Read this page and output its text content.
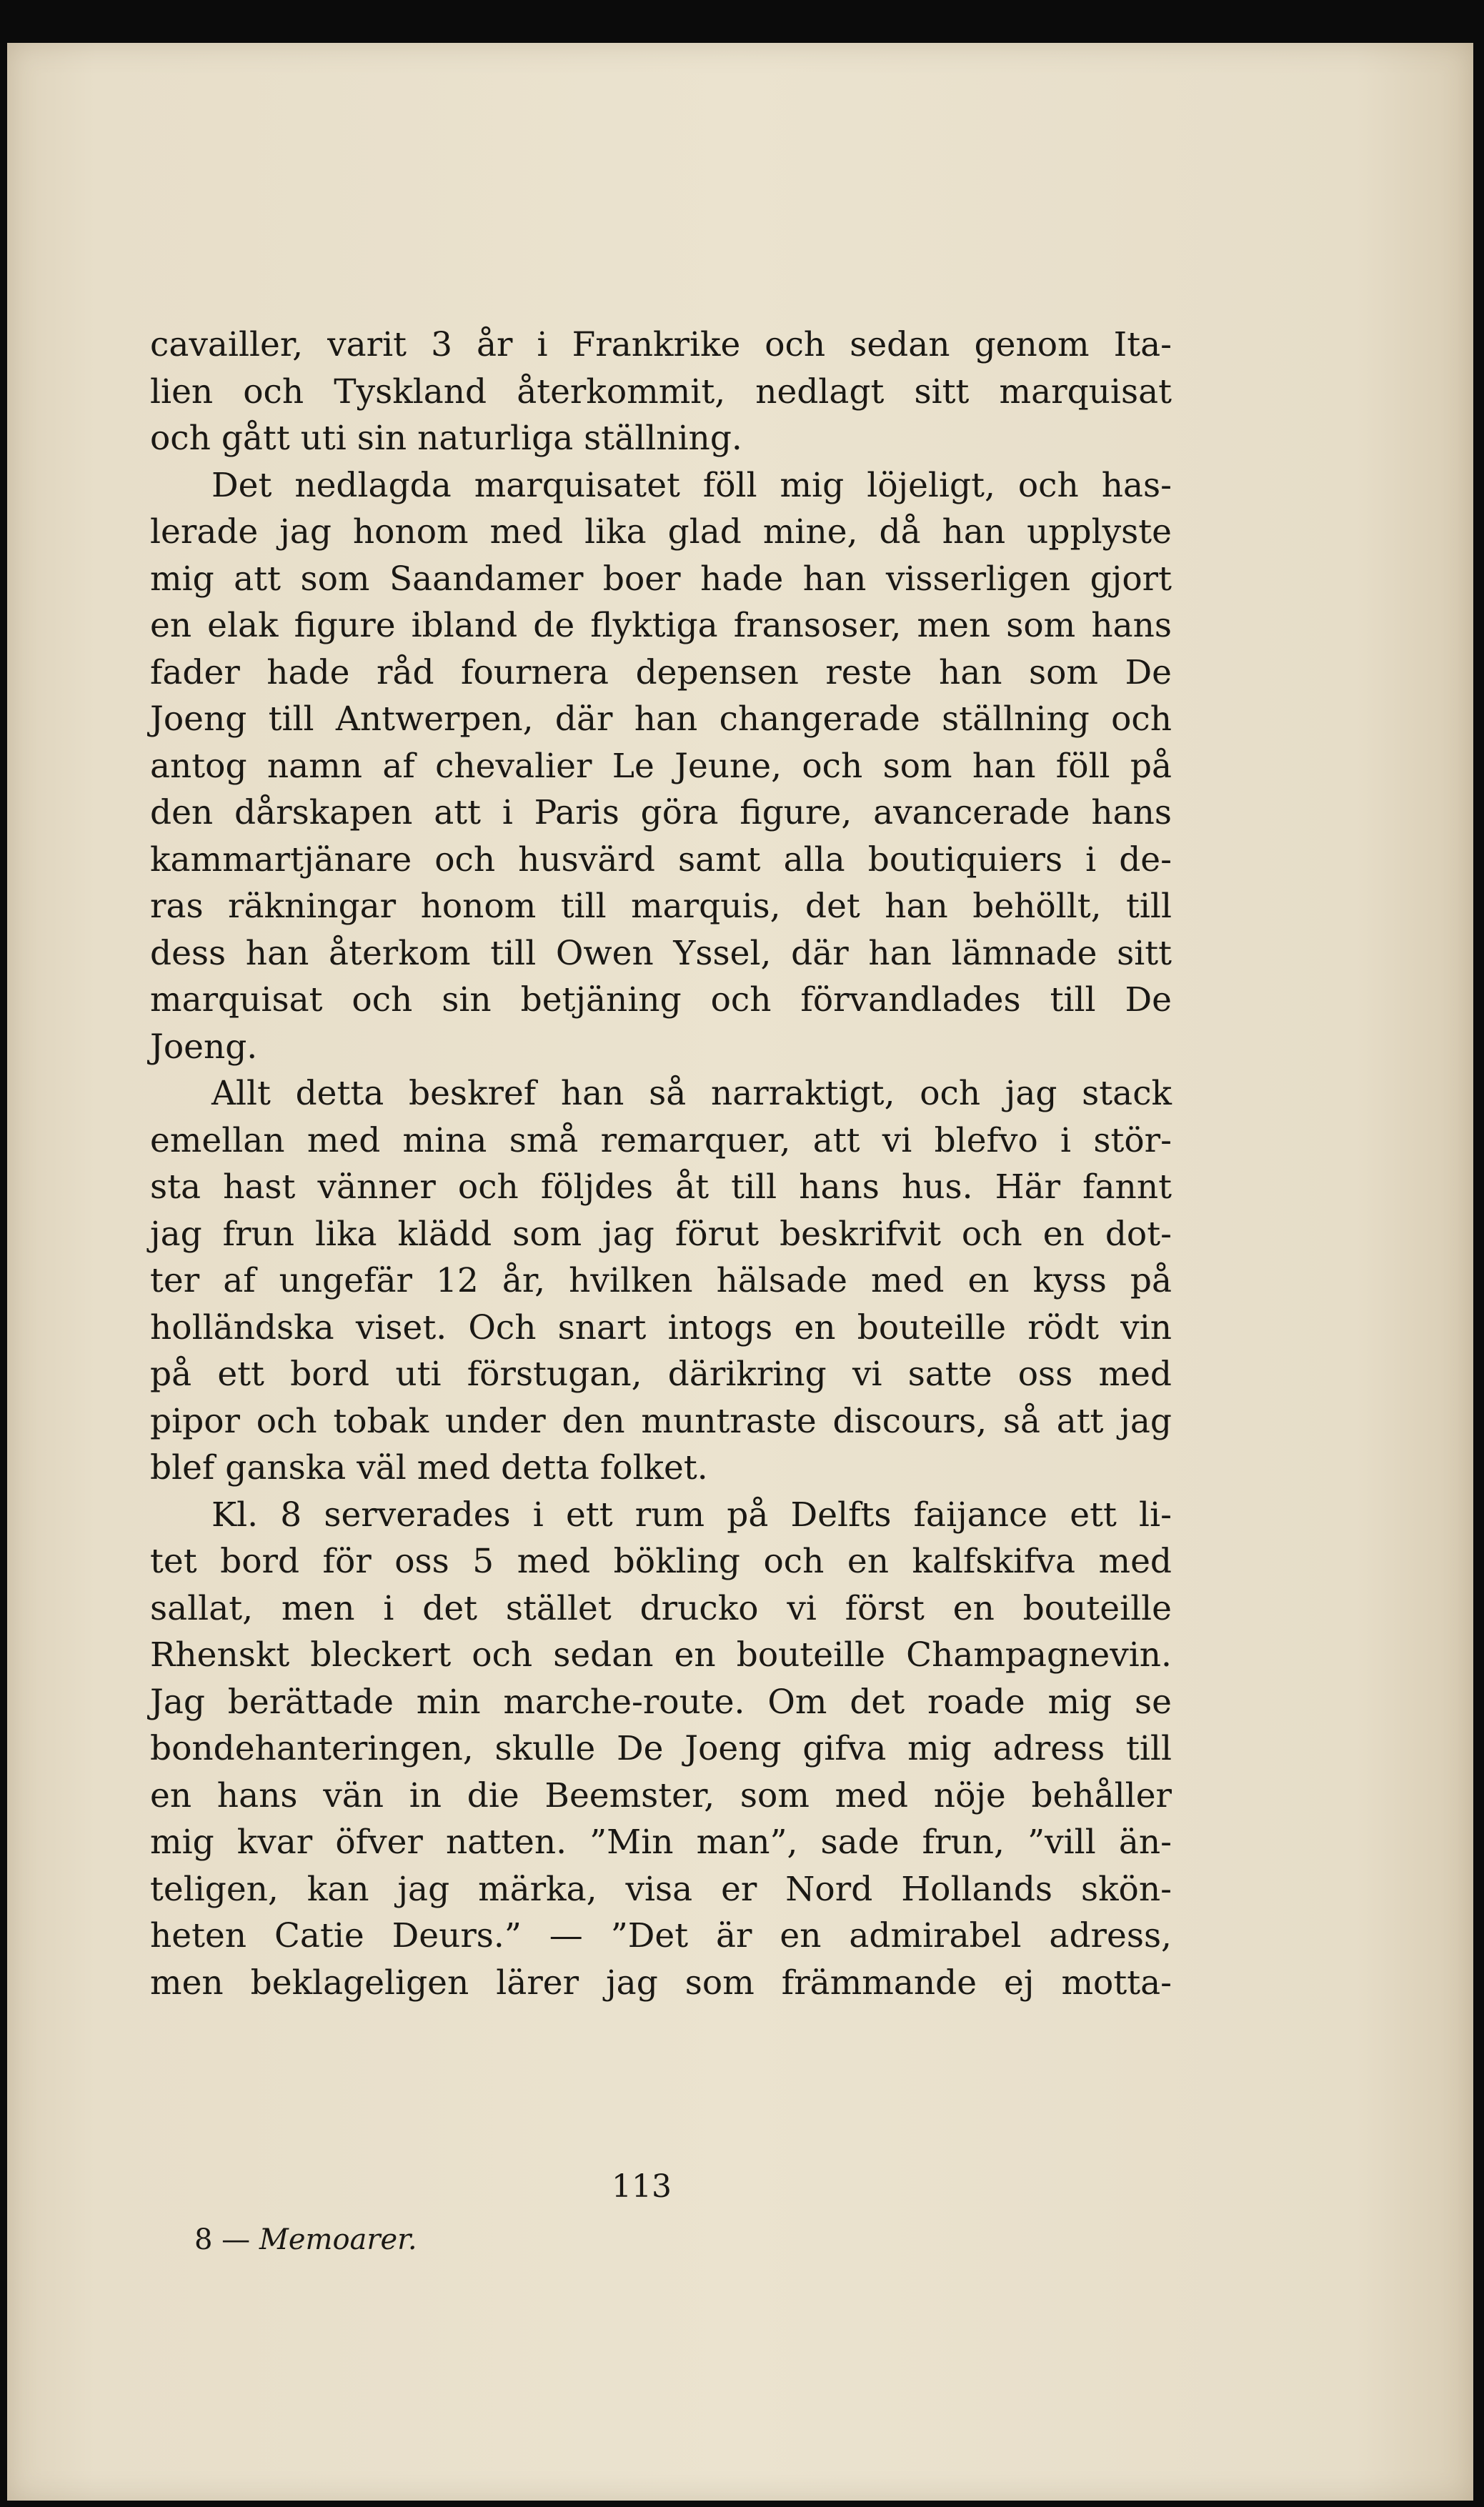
cavailler, varit 3 år i Frankrike och sedan genom Ita-
lien och Tyskland återkommit, nedlagt sitt marquisat
och gått uti sin naturliga ställning.
Det nedlagda marquisatet föll mig löjeligt, och has-
lerade jag honom med lika glad mine, då han upplyste
mig att som Saandamer boer hade han visserligen gjort
en elak figure ibland de flyktiga fransoser, men som hans
fader hade råd fournera depensen reste han som De
Joeng till Antwerpen, där han changerade ställning och
antog namn af chevalier Le Jeune, och som han föll på
den dårskapen att i Paris göra figure, avancerade hans
kammartjänare och husvärd samt alla boutiquiers i de-
ras räkningar honom till marquis, det han behöllt, till
dess han återkom till Owen Yssel, där han lämnade sitt
marquisat och sin betjäning och förvandlades till De
Joeng.
Allt detta beskref han så narraktigt, och jag stack
emellan med mina små remarquer, att vi blefvo i stör-
sta hast vänner och följdes åt till hans hus. Här fannt
jag frun lika klädd som jag förut beskrifvit och en dot-
ter af ungefär 12 år, hvilken hälsade med en kyss på
holländska viset. Och snart intogs en bouteille rödt vin
på ett bord uti förstugan, därikring vi satte oss med
pipor och tobak under den muntraste discours, så att jag
blef ganska väl med detta folket.
Kl. 8 serverades i ett rum på Delfts faijance ett li-
tet bord för oss 5 med bökling och en kalfskifva med
sallat, men i det stället drucko vi först en bouteille
Rhenskt bleckert och sedan en bouteille Champagnevin.
Jag berättade min marche-route. Om det roade mig se
bondehanteringen, skulle De Joeng gifva mig adress till
en hans vän in die Beemster, som med nöje behåller
mig kvar öfver natten. ”Min man”, sade frun, ”vill än-
teligen, kan jag märka, visa er Nord Hollands skön-
heten Catie Deurs.” — ”Det är en admirabel adress,
men beklageligen lärer jag som främmande ej motta-
113
8 — Memoarer.
